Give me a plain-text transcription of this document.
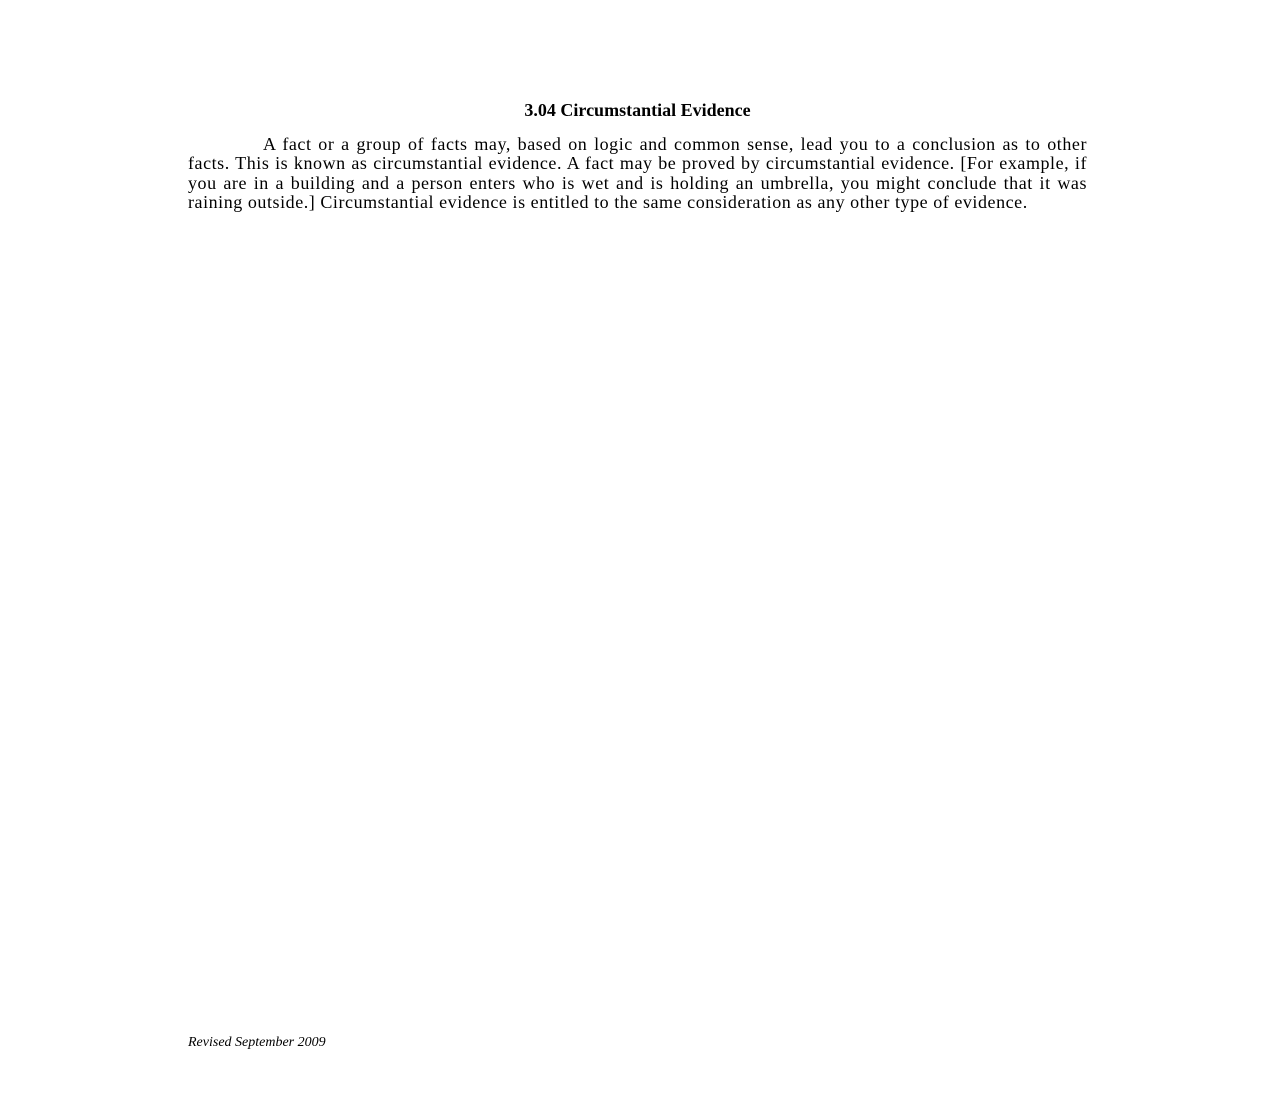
3.04 Circumstantial Evidence

A fact or a group of facts may, based on logic and common sense, lead you to a conclusion as to other facts. This is known as circumstantial evidence. A fact may be proved by circumstantial evidence. [For example, if you are in a building and a person enters who is wet and is holding an umbrella, you might conclude that it was raining outside.] Circumstantial evidence is entitled to the same consideration as any other type of evidence.

Revised September 2009
